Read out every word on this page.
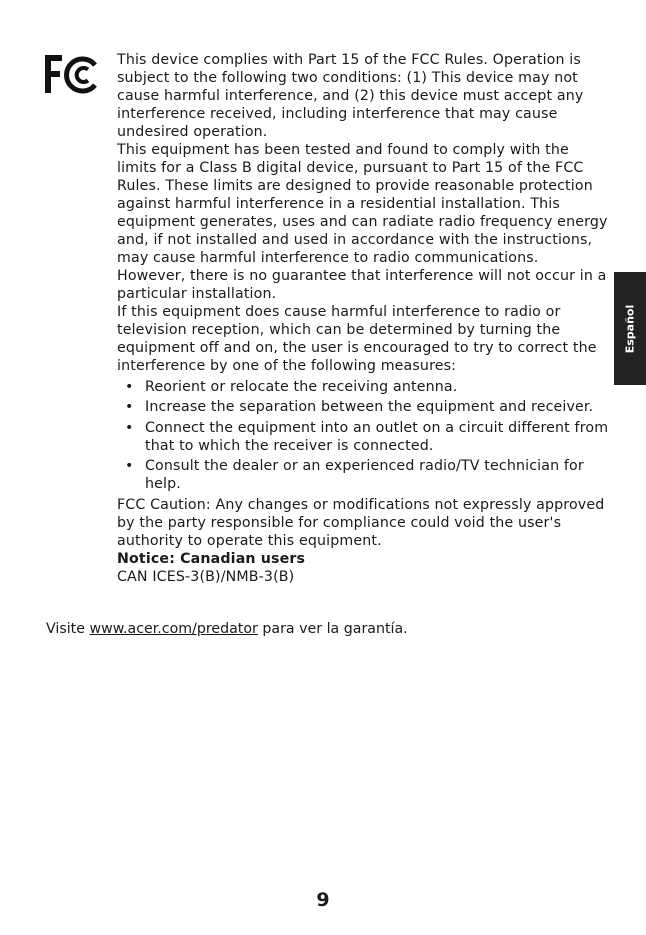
This device complies with Part 15 of the FCC Rules. Operation is subject to the following two conditions: (1) This device may not cause harmful interference, and (2) this device must accept any interference received, including interference that may cause undesired operation.

This equipment has been tested and found to comply with the limits for a Class B digital device, pursuant to Part 15 of the FCC Rules. These limits are designed to provide reasonable protection against harmful interference in a residential installation. This equipment generates, uses and can radiate radio frequency energy and, if not installed and used in accordance with the instructions, may cause harmful interference to radio communications.

However, there is no guarantee that interference will not occur in a particular installation.

If this equipment does cause harmful interference to radio or television reception, which can be determined by turning the equipment off and on, the user is encouraged to try to correct the interference by one of the following measures:

• Reorient or relocate the receiving antenna.
• Increase the separation between the equipment and receiver.
• Connect the equipment into an outlet on a circuit different from that to which the receiver is connected.
• Consult the dealer or an experienced radio/TV technician for help.

FCC Caution: Any changes or modifications not expressly approved by the party responsible for compliance could void the user's authority to operate this equipment.

Notice: Canadian users

CAN ICES-3(B)/NMB-3(B)

Visite www.acer.com/predator para ver la garantía.
Español
9
